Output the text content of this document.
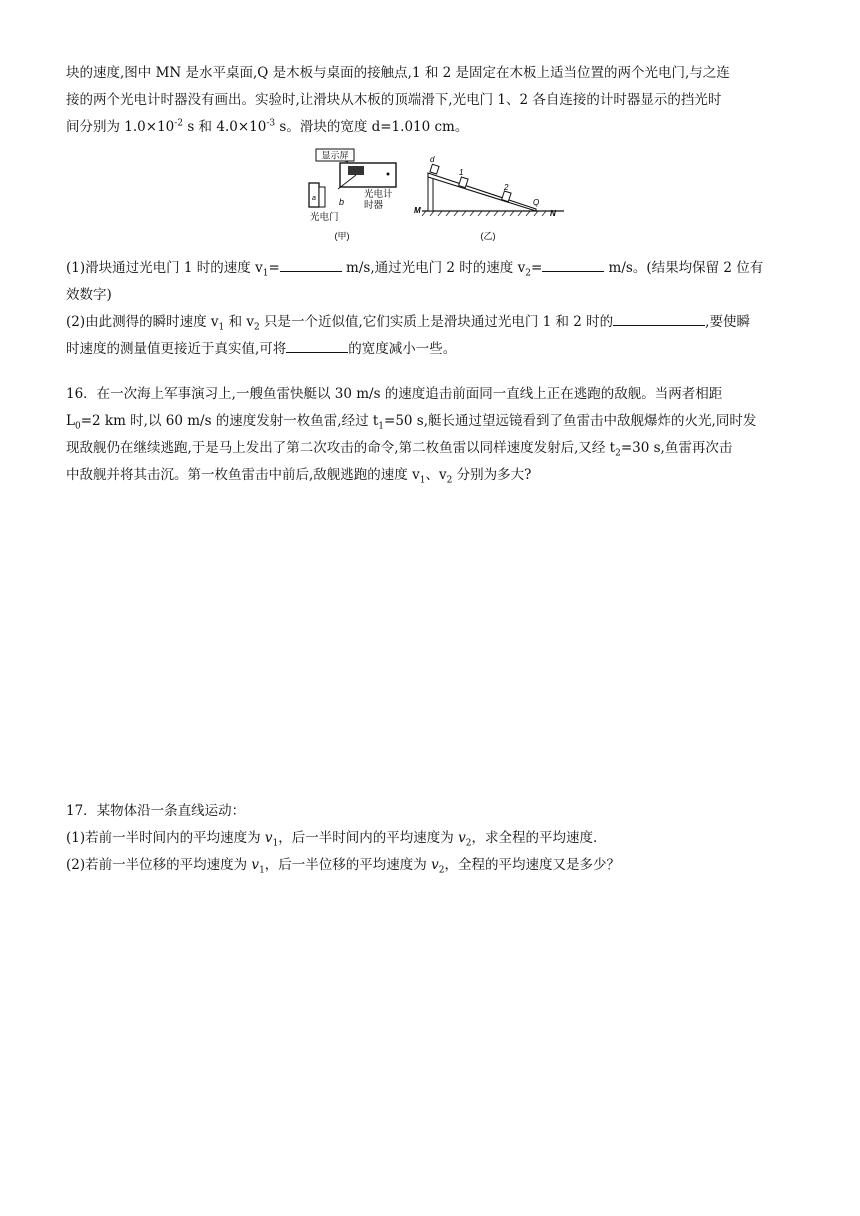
块的速度,图中 MN 是水平桌面,Q 是木板与桌面的接触点,1 和 2 是固定在木板上适当位置的两个光电门,与之连

接的两个光电计时器没有画出。实验时,让滑块从木板的顶端滑下,光电门 1、2 各自连接的计时器显示的挡光时

间分别为 $1.0\times 10^{-2}$ s 和 $4.0\times 10^{-3}$ s。滑块的宽度 d=1.010 cm。

显示屏
光电计
时器
a	b
光电门
(甲)
d
1
2
M
Q
N
(乙)

(1)滑块通过光电门 1 时的速度 $v_1=$	m/s,通过光电门 2 时的速度 $v_2=$	m/s。(结果均保留 2 位有

效数字)

(2)由此测得的瞬时速度 $v_1$ 和 $v_2$ 只是一个近似值,它们实质上是滑块通过光电门 1 和 2 时的	,要使瞬

时速度的测量值更接近于真实值,可将	的宽度减小一些。

16．在一次海上军事演习上,一艘鱼雷快艇以 30 m/s 的速度追击前面同一直线上正在逃跑的敌舰。当两者相距

$L_0=2$ km 时,以 60 m/s 的速度发射一枚鱼雷,经过 $t_1=50$ s,艇长通过望远镜看到了鱼雷击中敌舰爆炸的火光,同时发

现敌舰仍在继续逃跑,于是马上发出了第二次攻击的命令,第二枚鱼雷以同样速度发射后,又经 $t_2=30$ s,鱼雷再次击

中敌舰并将其击沉。第一枚鱼雷击中前后,敌舰逃跑的速度 $v_1$、$v_2$ 分别为多大?

17．某物体沿一条直线运动：

(1)若前一半时间内的平均速度为 $v_1$，后一半时间内的平均速度为 $v_2$，求全程的平均速度．

(2)若前一半位移的平均速度为 $v_1$，后一半位移的平均速度为 $v_2$，全程的平均速度又是多少？
